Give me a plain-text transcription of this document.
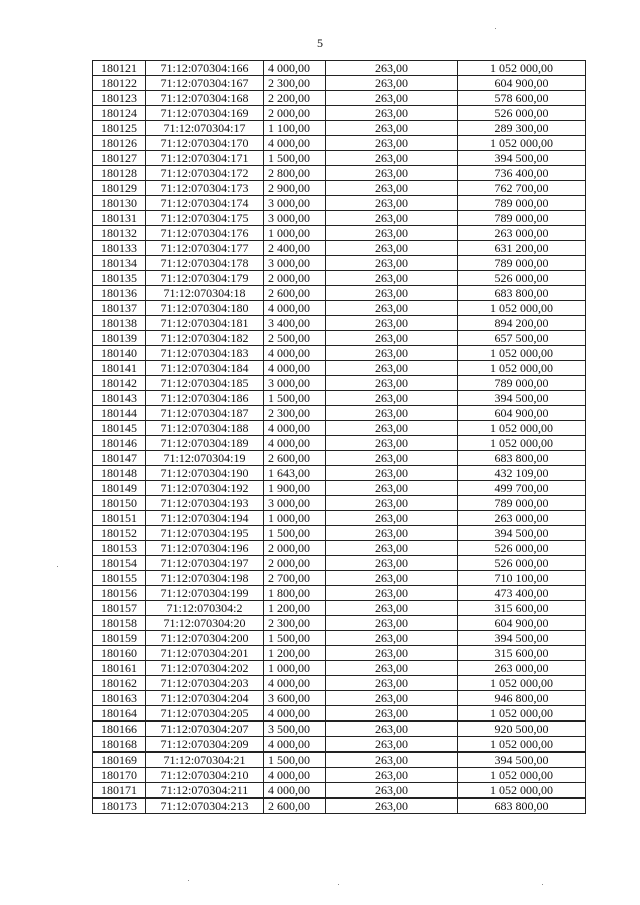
5
180121	71:12:070304:166	4 000,00	263,00	1 052 000,00
180122	71:12:070304:167	2 300,00	263,00	604 900,00
180123	71:12:070304:168	2 200,00	263,00	578 600,00
180124	71:12:070304:169	2 000,00	263,00	526 000,00
180125	71:12:070304:17	1 100,00	263,00	289 300,00
180126	71:12:070304:170	4 000,00	263,00	1 052 000,00
180127	71:12:070304:171	1 500,00	263,00	394 500,00
180128	71:12:070304:172	2 800,00	263,00	736 400,00
180129	71:12:070304:173	2 900,00	263,00	762 700,00
180130	71:12:070304:174	3 000,00	263,00	789 000,00
180131	71:12:070304:175	3 000,00	263,00	789 000,00
180132	71:12:070304:176	1 000,00	263,00	263 000,00
180133	71:12:070304:177	2 400,00	263,00	631 200,00
180134	71:12:070304:178	3 000,00	263,00	789 000,00
180135	71:12:070304:179	2 000,00	263,00	526 000,00
180136	71:12:070304:18	2 600,00	263,00	683 800,00
180137	71:12:070304:180	4 000,00	263,00	1 052 000,00
180138	71:12:070304:181	3 400,00	263,00	894 200,00
180139	71:12:070304:182	2 500,00	263,00	657 500,00
180140	71:12:070304:183	4 000,00	263,00	1 052 000,00
180141	71:12:070304:184	4 000,00	263,00	1 052 000,00
180142	71:12:070304:185	3 000,00	263,00	789 000,00
180143	71:12:070304:186	1 500,00	263,00	394 500,00
180144	71:12:070304:187	2 300,00	263,00	604 900,00
180145	71:12:070304:188	4 000,00	263,00	1 052 000,00
180146	71:12:070304:189	4 000,00	263,00	1 052 000,00
180147	71:12:070304:19	2 600,00	263,00	683 800,00
180148	71:12:070304:190	1 643,00	263,00	432 109,00
180149	71:12:070304:192	1 900,00	263,00	499 700,00
180150	71:12:070304:193	3 000,00	263,00	789 000,00
180151	71:12:070304:194	1 000,00	263,00	263 000,00
180152	71:12:070304:195	1 500,00	263,00	394 500,00
180153	71:12:070304:196	2 000,00	263,00	526 000,00
180154	71:12:070304:197	2 000,00	263,00	526 000,00
180155	71:12:070304:198	2 700,00	263,00	710 100,00
180156	71:12:070304:199	1 800,00	263,00	473 400,00
180157	71:12:070304:2	1 200,00	263,00	315 600,00
180158	71:12:070304:20	2 300,00	263,00	604 900,00
180159	71:12:070304:200	1 500,00	263,00	394 500,00
180160	71:12:070304:201	1 200,00	263,00	315 600,00
180161	71:12:070304:202	1 000,00	263,00	263 000,00
180162	71:12:070304:203	4 000,00	263,00	1 052 000,00
180163	71:12:070304:204	3 600,00	263,00	946 800,00
180164	71:12:070304:205	4 000,00	263,00	1 052 000,00
180166	71:12:070304:207	3 500,00	263,00	920 500,00
180168	71:12:070304:209	4 000,00	263,00	1 052 000,00
180169	71:12:070304:21	1 500,00	263,00	394 500,00
180170	71:12:070304:210	4 000,00	263,00	1 052 000,00
180171	71:12:070304:211	4 000,00	263,00	1 052 000,00
180173	71:12:070304:213	2 600,00	263,00	683 800,00
